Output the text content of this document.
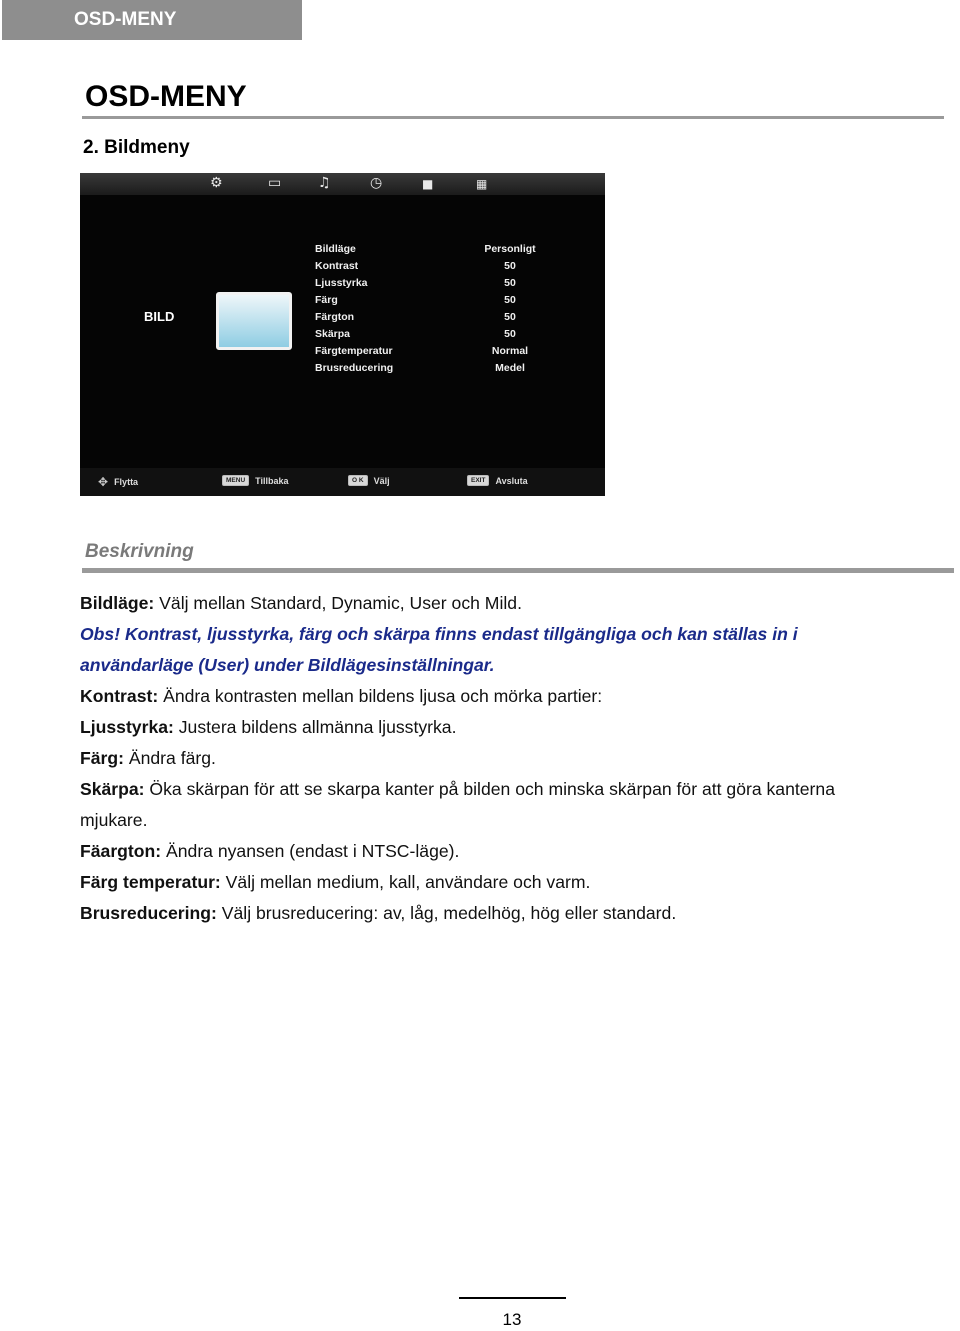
OSD-MENY
OSD-MENY
2. Bildmeny
⚙	▭	♫	◷	■	▦
BILD
Bildläge	Personligt
Kontrast	50
Ljusstyrka	50
Färg	50
Färgton	50
Skärpa	50
Färgtemperatur	Normal
Brusreducering	Medel
✥ Flytta	MENU	Tillbaka	O K	Välj	EXIT	Avsluta
Beskrivning

Bildläge: Välj mellan Standard, Dynamic, User och Mild.

Obs! Kontrast, ljusstyrka, färg och skärpa finns endast tillgängliga och kan ställas in i

användarläge (User) under Bildlägesinställningar.

Kontrast: Ändra kontrasten mellan bildens ljusa och mörka partier:

Ljusstyrka: Justera bildens allmänna ljusstyrka.

Färg: Ändra färg.

Skärpa: Öka skärpan för att se skarpa kanter på bilden och minska skärpan för att göra kanterna

mjukare.

Fäargton: Ändra nyansen (endast i NTSC-läge).

Färg temperatur: Välj mellan medium, kall, användare och varm.

Brusreducering: Välj brusreducering: av, låg, medelhög, hög eller standard.

13
